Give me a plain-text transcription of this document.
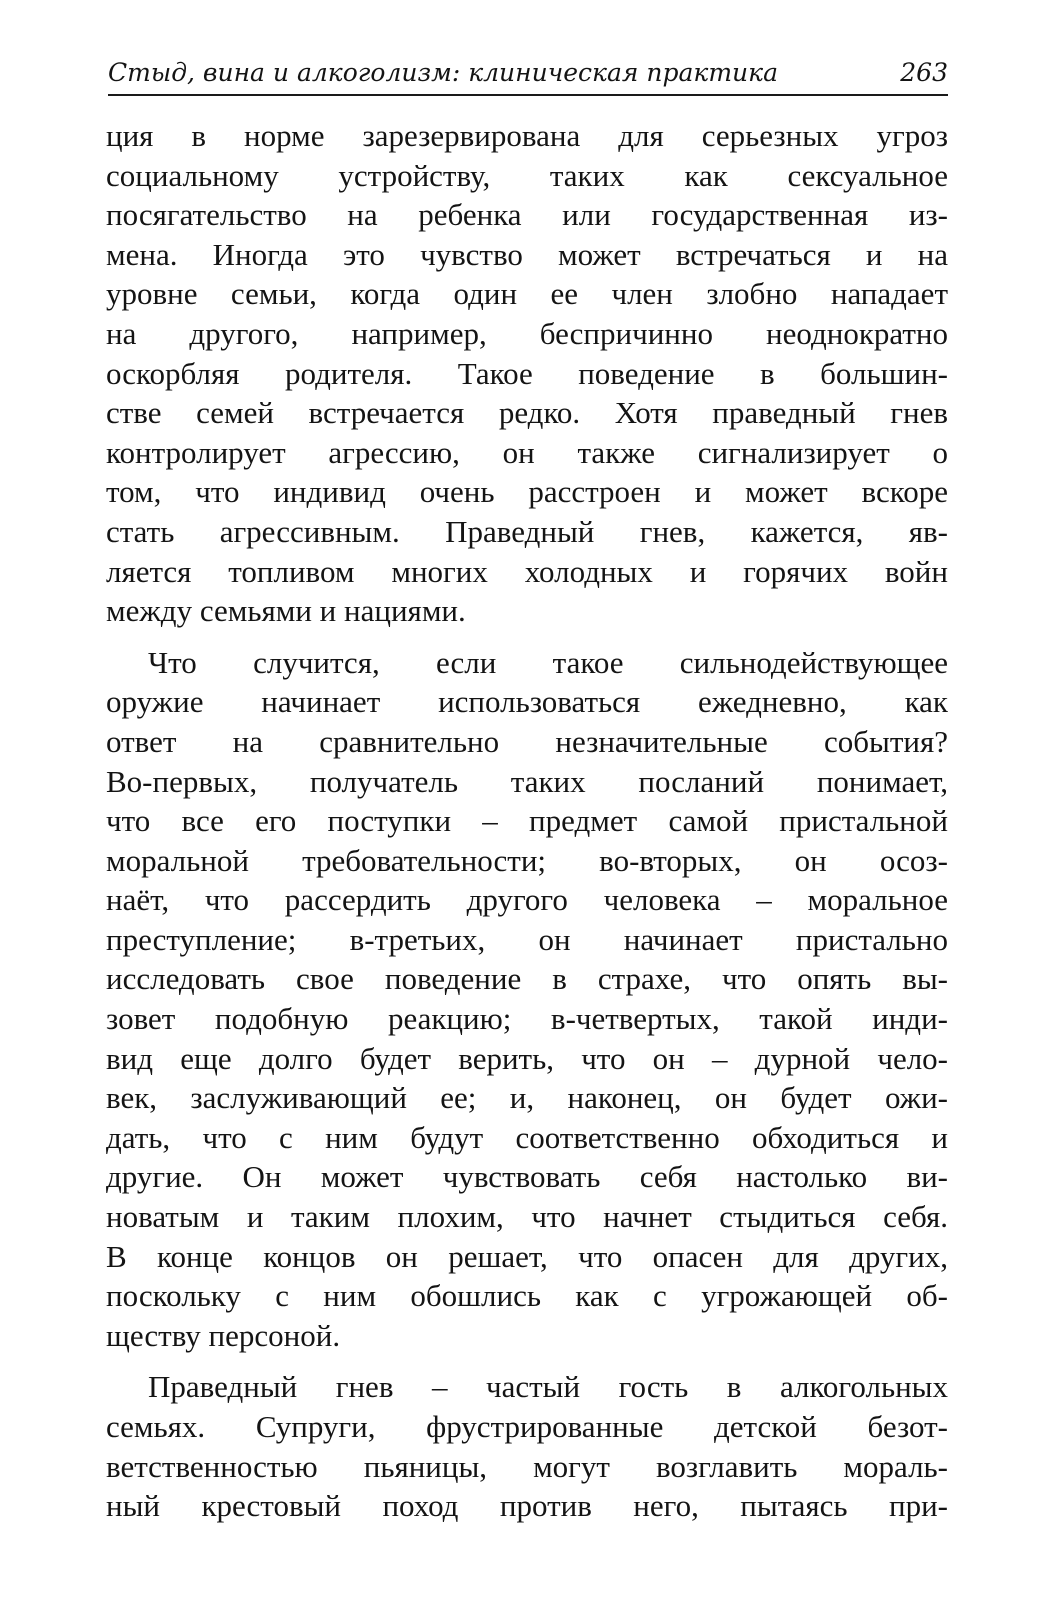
Стыд, вина и алкоголизм: клиническая практика	263
ция в норме зарезервирована для серьезных угроз
социальному устройству, таких как сексуальное
посягательство на ребенка или государственная из-
мена. Иногда это чувство может встречаться и на
уровне семьи, когда один ее член злобно нападает
на другого, например, беспричинно неоднократно
оскорбляя родителя. Такое поведение в большин-
стве семей встречается редко. Хотя праведный гнев
контролирует агрессию, он также сигнализирует о
том, что индивид очень расстроен и может вскоре
стать агрессивным. Праведный гнев, кажется, яв-
ляется топливом многих холодных и горячих войн
между семьями и нациями.
Что случится, если такое сильнодействующее
оружие начинает использоваться ежедневно, как
ответ на сравнительно незначительные события?
Во-первых, получатель таких посланий понимает,
что все его поступки – предмет самой пристальной
моральной требовательности; во-вторых, он осоз-
наёт, что рассердить другого человека – моральное
преступление; в-третьих, он начинает пристально
исследовать свое поведение в страхе, что опять вы-
зовет подобную реакцию; в-четвертых, такой инди-
вид еще долго будет верить, что он – дурной чело-
век, заслуживающий ее; и, наконец, он будет ожи-
дать, что с ним будут соответственно обходиться и
другие. Он может чувствовать себя настолько ви-
новатым и таким плохим, что начнет стыдиться себя.
В конце концов он решает, что опасен для других,
поскольку с ним обошлись как с угрожающей об-
ществу персоной.
Праведный гнев – частый гость в алкогольных
семьях. Супруги, фрустрированные детской безот-
ветственностью пьяницы, могут возглавить мораль-
ный крестовый поход против него, пытаясь при-
